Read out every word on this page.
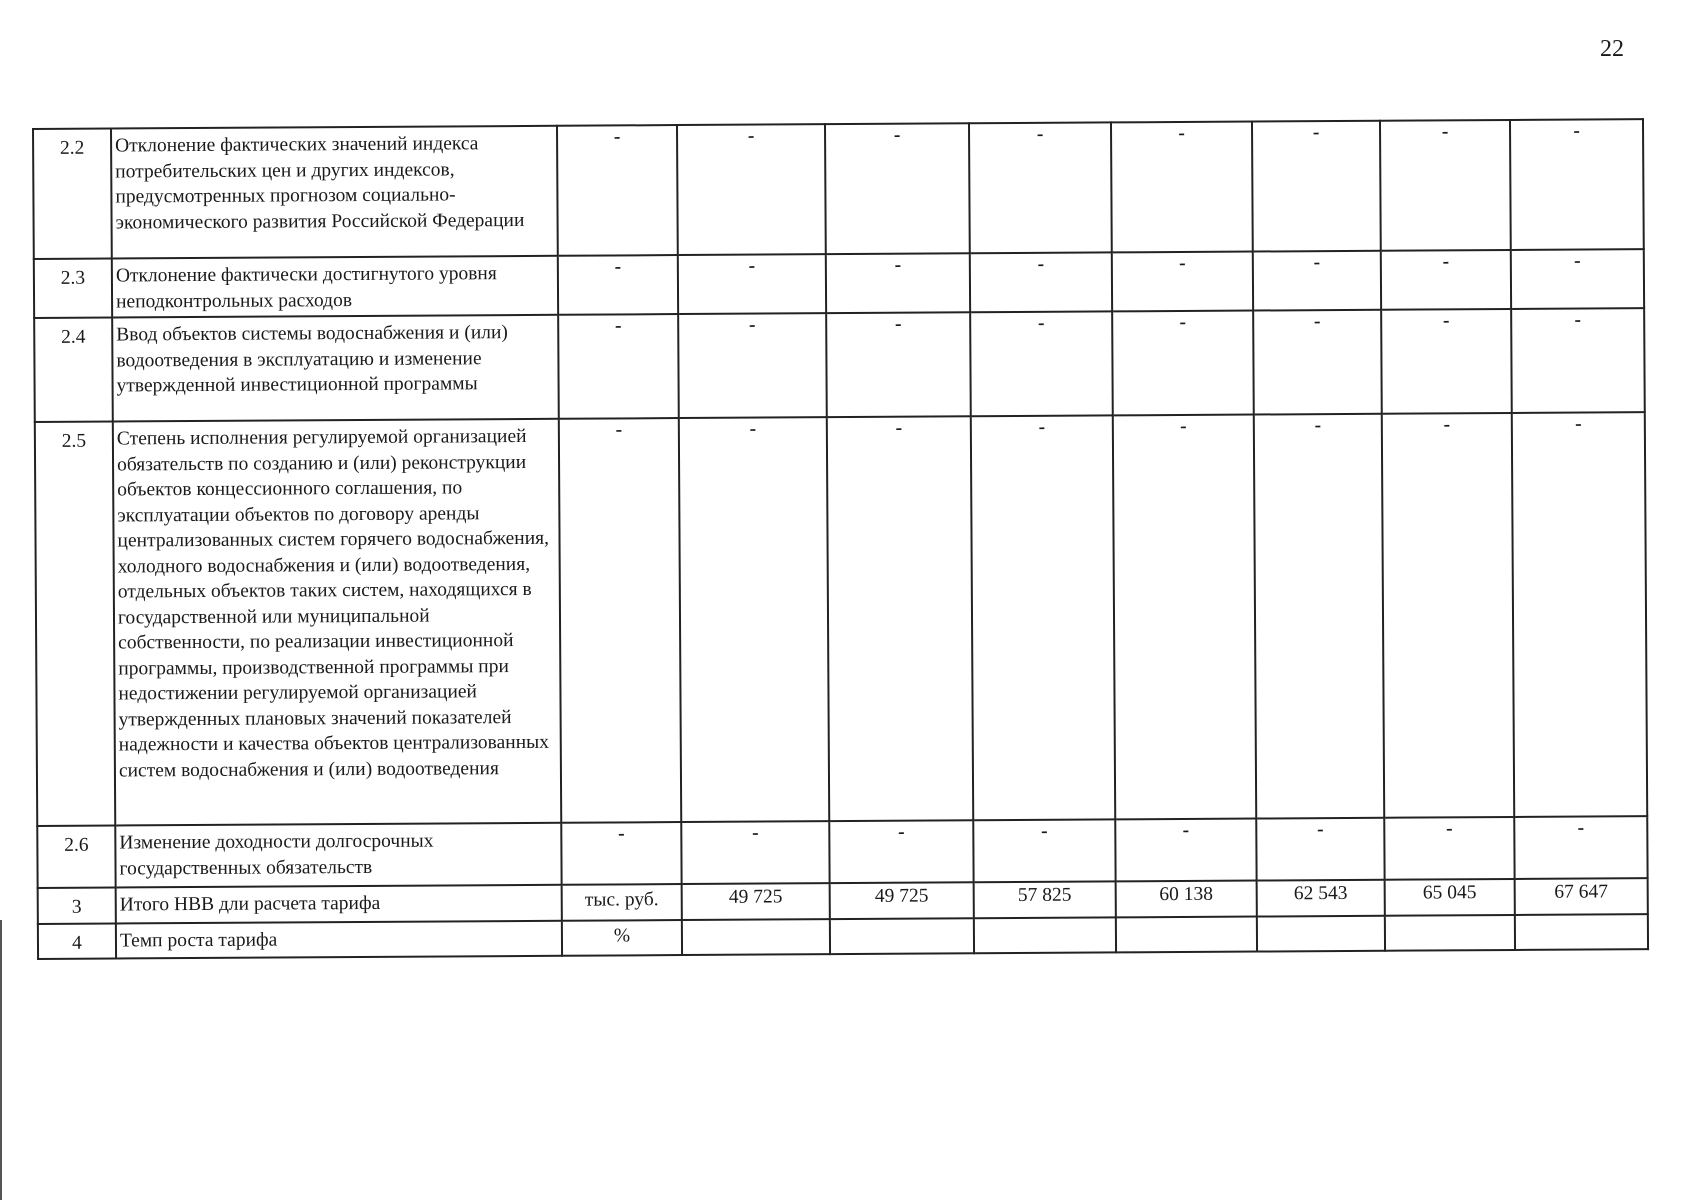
22
2.2	Отклонение фактических значений индекса потребительских цен и других индексов, предусмотренных прогнозом социально-экономического развития Российской Федерации	-	-	-	-	-	-	-	-
2.3	Отклонение фактически достигнутого уровня неподконтрольных расходов	-	-	-	-	-	-	-	-
2.4	Ввод объектов системы водоснабжения и (или) водоотведения в эксплуатацию и изменение утвержденной инвестиционной программы	-	-	-	-	-	-	-	-
2.5	Степень исполнения регулируемой организацией обязательств по созданию и (или) реконструкции объектов концессионного соглашения, по эксплуатации объектов по договору аренды централизованных систем горячего водоснабжения, холодного водоснабжения и (или) водоотведения, отдельных объектов таких систем, находящихся в государственной или муниципальной собственности, по реализации инвестиционной программы, производственной программы при недостижении регулируемой организацией утвержденных плановых значений показателей надежности и качества объектов централизованных систем водоснабжения и (или) водоотведения	-	-	-	-	-	-	-	-
2.6	Изменение доходности долгосрочных государственных обязательств	-	-	-	-	-	-	-	-
3	Итого НВВ дли расчета тарифа	тыс. руб.	49 725	49 725	57 825	60 138	62 543	65 045	67 647
4	Темп роста тарифа	%							
